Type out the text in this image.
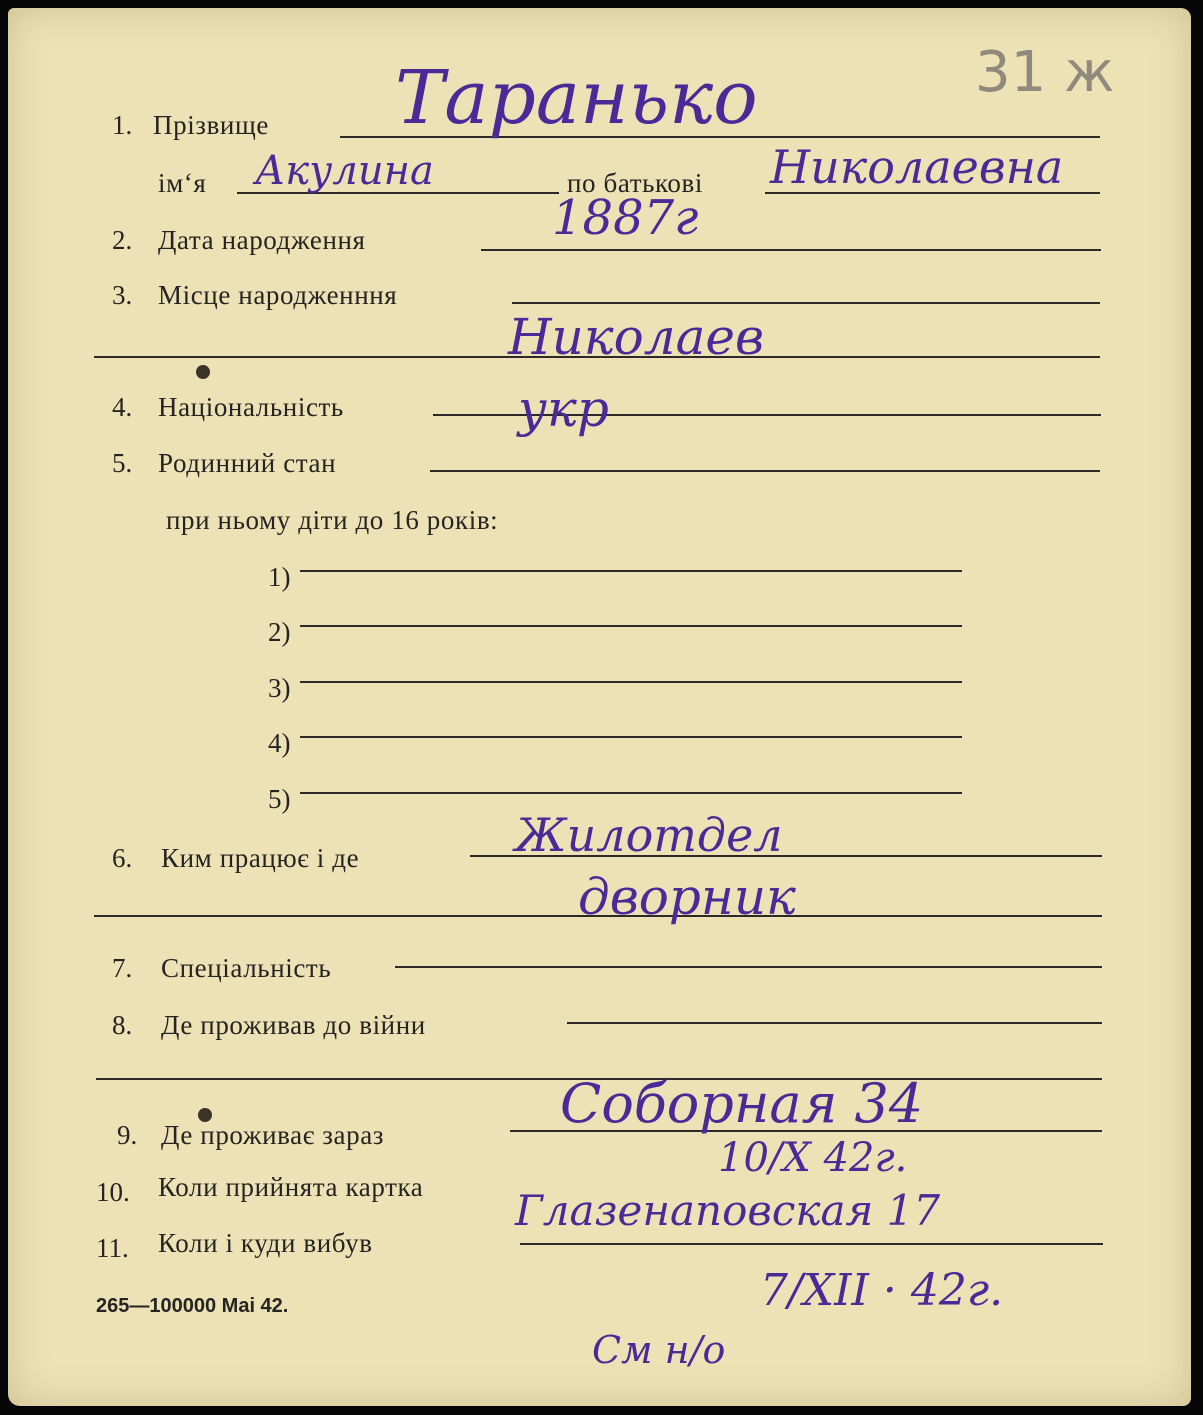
31 ж
1. Прізвище Таранько
ім‘я Акулина	по батькові Николаевна
2. Дата народження	1887г
3. Місце народженння
Николаев
4. Національність	укр
5. Родинний стан
при ньому діти до 16 років:
1)
2)
3)
4)
5)
6. Ким працює і де	Жилотдел
дворник
7. Спеціальність
8. Де проживав до війни
9. Де проживає зараз	Соборная 34
10. Коли прийнята картка
10/X 42г.
11. Коли і куди вибув
Глазенаповская 17
7/XII · 42г.
265—100000 Mai 42.
См н/о
